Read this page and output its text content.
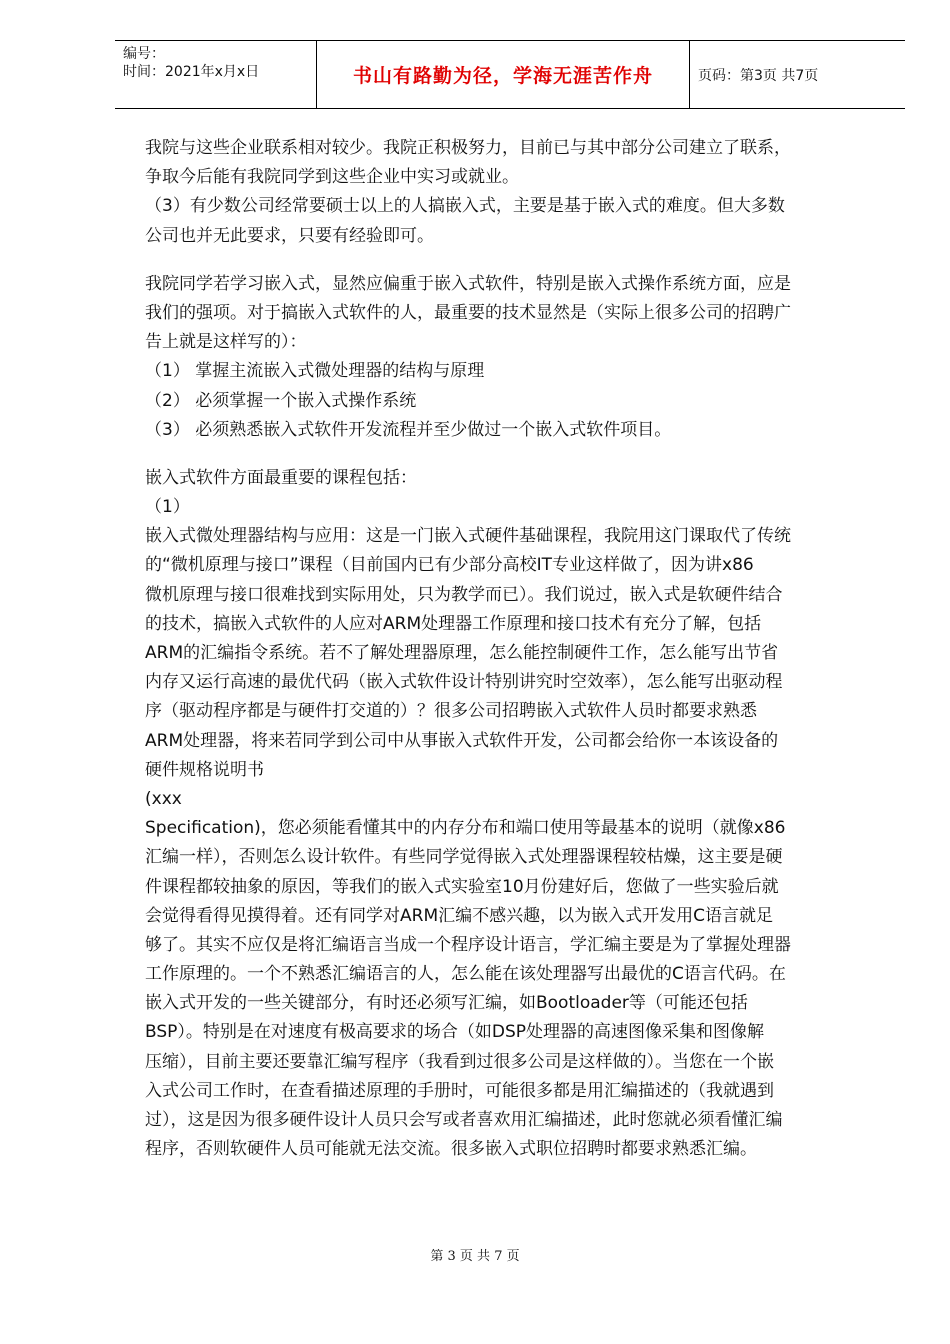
编号：
时间：2021年x月x日	书山有路勤为径，学海无涯苦作舟	页码：第3页 共7页
我院与这些企业联系相对较少。我院正积极努力，目前已与其中部分公司建立了联系，
争取今后能有我院同学到这些企业中实习或就业。
（3）有少数公司经常要硕士以上的人搞嵌入式，主要是基于嵌入式的难度。但大多数
公司也并无此要求，只要有经验即可。
我院同学若学习嵌入式，显然应偏重于嵌入式软件，特别是嵌入式操作系统方面，应是
我们的强项。对于搞嵌入式软件的人，最重要的技术显然是（实际上很多公司的招聘广
告上就是这样写的）：
（1） 掌握主流嵌入式微处理器的结构与原理
（2） 必须掌握一个嵌入式操作系统
（3） 必须熟悉嵌入式软件开发流程并至少做过一个嵌入式软件项目。
嵌入式软件方面最重要的课程包括：
（1）
嵌入式微处理器结构与应用：这是一门嵌入式硬件基础课程，我院用这门课取代了传统
的“微机原理与接口”课程（目前国内已有少部分高校IT专业这样做了，因为讲x86
微机原理与接口很难找到实际用处，只为教学而已）。我们说过，嵌入式是软硬件结合
的技术，搞嵌入式软件的人应对ARM处理器工作原理和接口技术有充分了解，包括
ARM的汇编指令系统。若不了解处理器原理，怎么能控制硬件工作，怎么能写出节省
内存又运行高速的最优代码（嵌入式软件设计特别讲究时空效率），怎么能写出驱动程
序（驱动程序都是与硬件打交道的）？很多公司招聘嵌入式软件人员时都要求熟悉
ARM处理器，将来若同学到公司中从事嵌入式软件开发，公司都会给你一本该设备的
硬件规格说明书
(xxx
Specification)，您必须能看懂其中的内存分布和端口使用等最基本的说明（就像x86
汇编一样），否则怎么设计软件。有些同学觉得嵌入式处理器课程较枯燥，这主要是硬
件课程都较抽象的原因，等我们的嵌入式实验室10月份建好后，您做了一些实验后就
会觉得看得见摸得着。还有同学对ARM汇编不感兴趣，以为嵌入式开发用C语言就足
够了。其实不应仅是将汇编语言当成一个程序设计语言，学汇编主要是为了掌握处理器
工作原理的。一个不熟悉汇编语言的人，怎么能在该处理器写出最优的C语言代码。在
嵌入式开发的一些关键部分，有时还必须写汇编，如Bootloader等（可能还包括
BSP）。特别是在对速度有极高要求的场合（如DSP处理器的高速图像采集和图像解
压缩），目前主要还要靠汇编写程序（我看到过很多公司是这样做的）。当您在一个嵌
入式公司工作时，在查看描述原理的手册时，可能很多都是用汇编描述的（我就遇到
过），这是因为很多硬件设计人员只会写或者喜欢用汇编描述，此时您就必须看懂汇编
程序，否则软硬件人员可能就无法交流。很多嵌入式职位招聘时都要求熟悉汇编。
第 3 页 共 7 页
